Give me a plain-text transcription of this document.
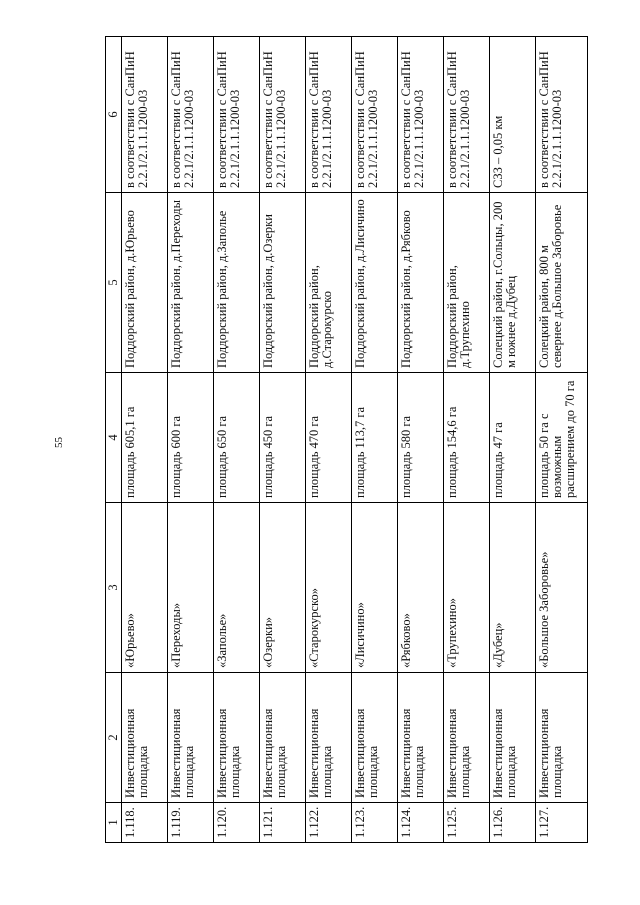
55
1	2	3	4	5	6
1.118.	Инвестиционная площадка	«Юрьево»	площадь 605,1 га	Поддорский район, д.Юрьево	в соответствии с СанПиН 2.2.1/2.1.1.1200-03
1.119.	Инвестиционная площадка	«Переходы»	площадь 600 га	Поддорский район, д.Переходы	в соответствии с СанПиН 2.2.1/2.1.1.1200-03
1.120.	Инвестиционная площадка	«Заполье»	площадь 650 га	Поддорский район, д.Заполье	в соответствии с СанПиН 2.2.1/2.1.1.1200-03
1.121.	Инвестиционная площадка	«Озерки»	площадь 450 га	Поддорский район, д.Озерки	в соответствии с СанПиН 2.2.1/2.1.1.1200-03
1.122.	Инвестиционная площадка	«Старокурско»	площадь 470 га	Поддорский район, д.Старокурско	в соответствии с СанПиН 2.2.1/2.1.1.1200-03
1.123.	Инвестиционная площадка	«Лисичино»	площадь 113,7 га	Поддорский район, д.Лисичино	в соответствии с СанПиН 2.2.1/2.1.1.1200-03
1.124.	Инвестиционная площадка	«Рябково»	площадь 580 га	Поддорский район, д.Рябково	в соответствии с СанПиН 2.2.1/2.1.1.1200-03
1.125.	Инвестиционная площадка	«Трупехино»	площадь 154,6 га	Поддорский район, д.Трупехино	в соответствии с СанПиН 2.2.1/2.1.1.1200-03
1.126.	Инвестиционная площадка	«Дубец»	площадь 47 га	Солецкий район, г.Сольцы, 200 м южнее д.Дубец	СЗЗ – 0,05 км
1.127.	Инвестиционная площадка	«Большое Заборовье»	площадь 50 га с возможным расширением до 70 га	Солецкий район, 800 м севернее д.Большое Заборовье	в соответствии с СанПиН 2.2.1/2.1.1.1200-03
